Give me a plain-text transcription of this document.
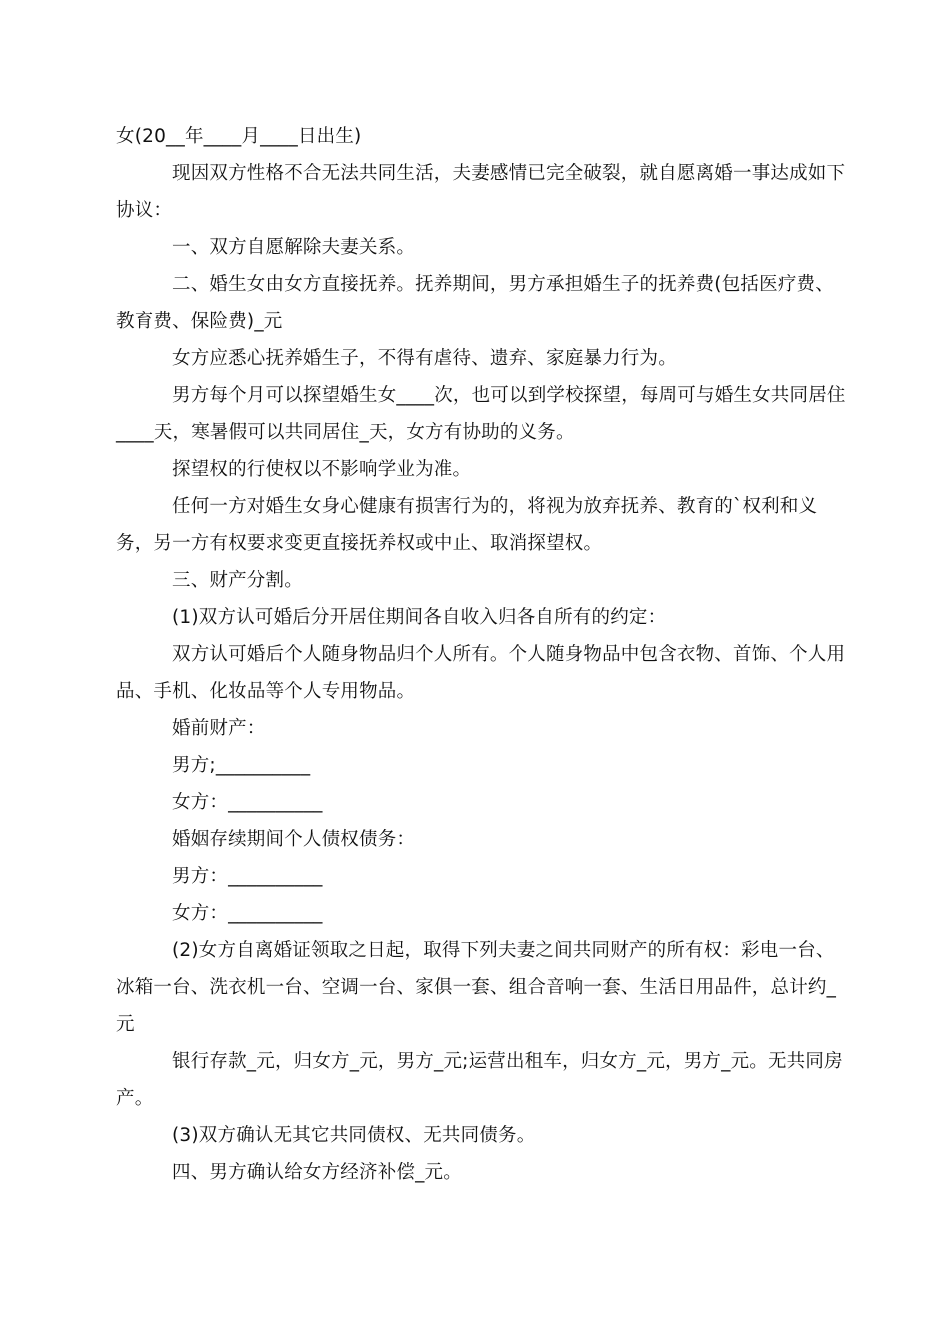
女(20__年____月____日出生)

现因双方性格不合无法共同生活，夫妻感情已完全破裂，就自愿离婚一事达成如下协议：

一、双方自愿解除夫妻关系。

二、婚生女由女方直接抚养。抚养期间，男方承担婚生子的抚养费(包括医疗费、教育费、保险费)_元

女方应悉心抚养婚生子，不得有虐待、遗弃、家庭暴力行为。

男方每个月可以探望婚生女____次，也可以到学校探望，每周可与婚生女共同居住____天，寒暑假可以共同居住_天，女方有协助的义务。

探望权的行使权以不影响学业为准。

任何一方对婚生女身心健康有损害行为的，将视为放弃抚养、教育的`权利和义务，另一方有权要求变更直接抚养权或中止、取消探望权。

三、财产分割。

(1)双方认可婚后分开居住期间各自收入归各自所有的约定：

双方认可婚后个人随身物品归个人所有。个人随身物品中包含衣物、首饰、个人用品、手机、化妆品等个人专用物品。

婚前财产：

男方;__________

女方：__________

婚姻存续期间个人债权债务：

男方：__________

女方：__________

(2)女方自离婚证领取之日起，取得下列夫妻之间共同财产的所有权：彩电一台、冰箱一台、洗衣机一台、空调一台、家俱一套、组合音响一套、生活日用品件，总计约_元

银行存款_元，归女方_元，男方_元;运营出租车，归女方_元，男方_元。无共同房产。

(3)双方确认无其它共同债权、无共同债务。

四、男方确认给女方经济补偿_元。
